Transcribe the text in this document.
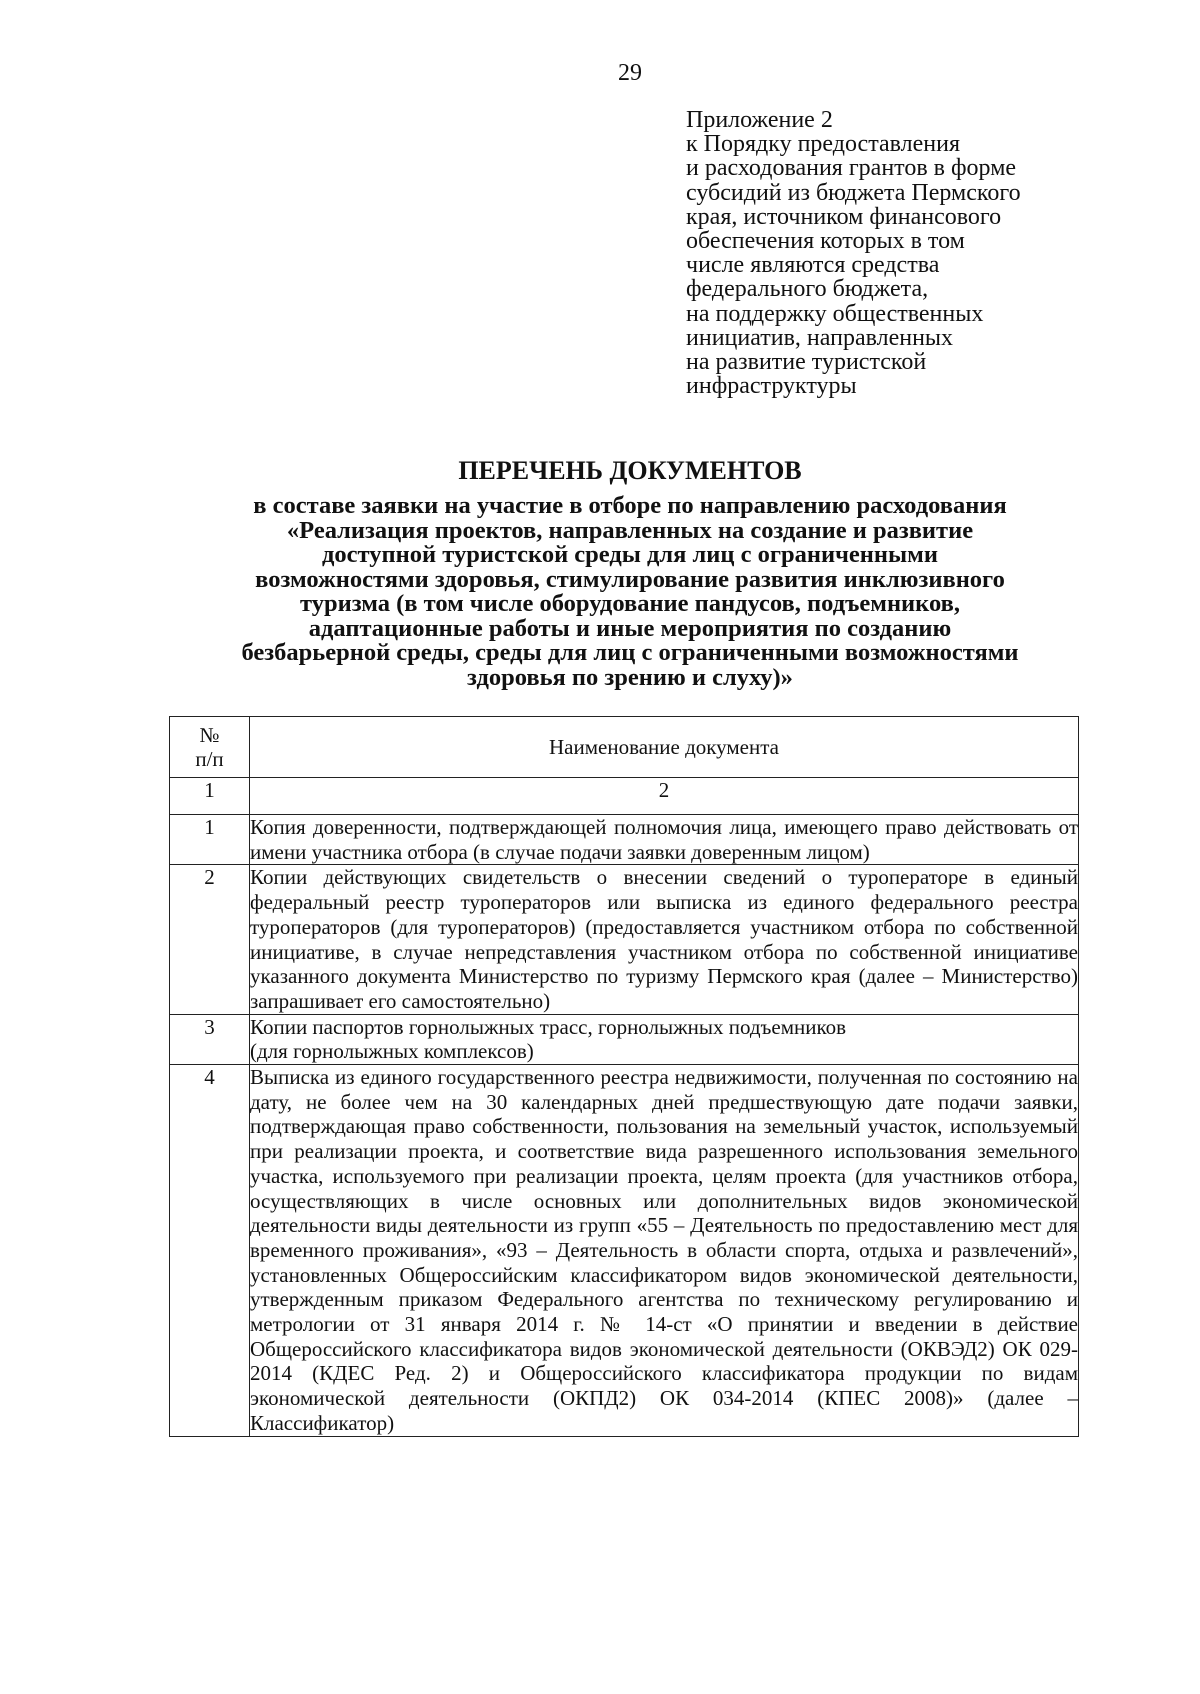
29
Приложение 2
к Порядку предоставления
и расходования грантов в форме
субсидий из бюджета Пермского
края, источником финансового
обеспечения которых в том
числе являются средства
федерального бюджета,
на поддержку общественных
инициатив, направленных
на развитие туристской
инфраструктуры
ПЕРЕЧЕНЬ ДОКУМЕНТОВ
в составе заявки на участие в отборе по направлению расходования
«Реализация проектов, направленных на создание и развитие
доступной туристской среды для лиц с ограниченными
возможностями здоровья, стимулирование развития инклюзивного
туризма (в том числе оборудование пандусов, подъемников,
адаптационные работы и иные мероприятия по созданию
безбарьерной среды, среды для лиц с ограниченными возможностями
здоровья по зрению и слуху)»
№
п/п	Наименование документа
1	2
1	Копия доверенности, подтверждающей полномочия лица, имеющего право действовать от имени участника отбора (в случае подачи заявки доверенным лицом)
2	Копии действующих свидетельств о внесении сведений о туроператоре в единый федеральный реестр туроператоров или выписка из единого федерального реестра туроператоров (для туроператоров) (предоставляется участником отбора по собственной инициативе, в случае непредставления участником отбора по собственной инициативе указанного документа Министерство по туризму Пермского края (далее – Министерство) запрашивает его самостоятельно)
3	Копии паспортов горнолыжных трасс, горнолыжных подъемников
(для горнолыжных комплексов)

4	Выписка из единого государственного реестра недвижимости, полученная по состоянию на дату, не более чем на 30 календарных дней предшествующую дате подачи заявки, подтверждающая право собственности, пользования на земельный участок, используемый при реализации проекта, и соответствие вида разрешенного использования земельного участка, используемого при реализации проекта, целям проекта (для участников отбора, осуществляющих в числе основных или дополнительных видов экономической деятельности виды деятельности из групп «55 – Деятельность по предоставлению мест для временного проживания», «93 – Деятельность в области спорта, отдыха и развлечений», установленных Общероссийским классификатором видов экономической деятельности, утвержденным приказом Федерального агентства по техническому регулированию и метрологии от 31 января 2014 г. № 14-ст «О принятии и введении в действие Общероссийского классификатора видов экономической деятельности (ОКВЭД2) ОК 029-2014 (КДЕС Ред. 2) и Общероссийского классификатора продукции по видам экономической деятельности (ОКПД2) ОК 034-2014 (КПЕС 2008)» (далее – Классификатор)
